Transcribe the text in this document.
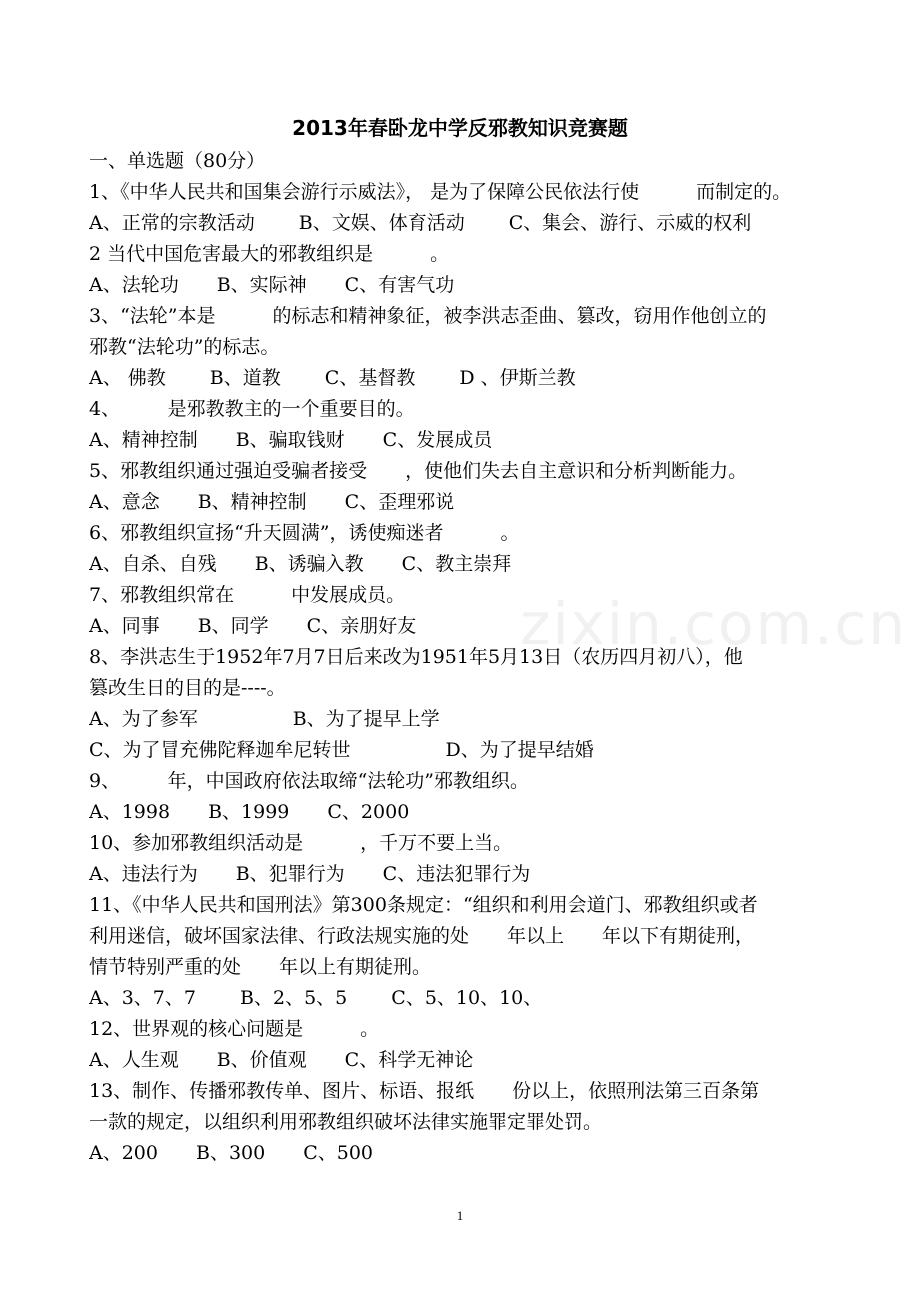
zixin.com.cn
2013年春卧龙中学反邪教知识竞赛题
一、单选题（80分）
1、《中华人民共和国集会游行示威法》， 是为了保障公民依法行使　　　而制定的。
A、正常的宗教活动　　 B、文娱、体育活动　　 C、集会、游行、示威的权利
2 当代中国危害最大的邪教组织是　　　。
A、法轮功　　B、实际神　　C、有害气功
3、“法轮”本是　　　的标志和精神象征，被李洪志歪曲、篡改，窃用作他创立的
邪教“法轮功”的标志。
A、 佛教　　 B、道教　　 C、基督教　　 D 、伊斯兰教
4、　　　是邪教教主的一个重要目的。
A、精神控制　　B、骗取钱财　　C、发展成员
5、邪教组织通过强迫受骗者接受　　，使他们失去自主意识和分析判断能力。
A、意念　　B、精神控制　　C、歪理邪说
6、邪教组织宣扬“升天圆满”，诱使痴迷者　　　。
A、自杀、自残　　B、诱骗入教　　C、教主崇拜
7、邪教组织常在　　　中发展成员。
A、同事　　B、同学　　C、亲朋好友
8、李洪志生于1952年7月7日后来改为1951年5月13日（农历四月初八），他
篡改生日的目的是----。
A、为了参军　　　　　B、为了提早上学
C、为了冒充佛陀释迦牟尼转世　　　　　D、为了提早结婚
9、　　　年，中国政府依法取缔“法轮功”邪教组织。
A、1998　　B、1999　　C、2000
10、参加邪教组织活动是　　　，千万不要上当。
A、违法行为　　B、犯罪行为　　C、违法犯罪行为
11、《中华人民共和国刑法》第300条规定：“组织和利用会道门、邪教组织或者
利用迷信，破坏国家法律、行政法规实施的处　　年以上　　年以下有期徒刑，
情节特别严重的处　　年以上有期徒刑。
A、3、7、7　　 B、2、5、5　　 C、5、10、10、
12、世界观的核心问题是　　　。
A、人生观　　B、价值观　　C、科学无神论
13、制作、传播邪教传单、图片、标语、报纸　　份以上，依照刑法第三百条第
一款的规定，以组织利用邪教组织破坏法律实施罪定罪处罚。
A、200　　B、300　　C、500
1
